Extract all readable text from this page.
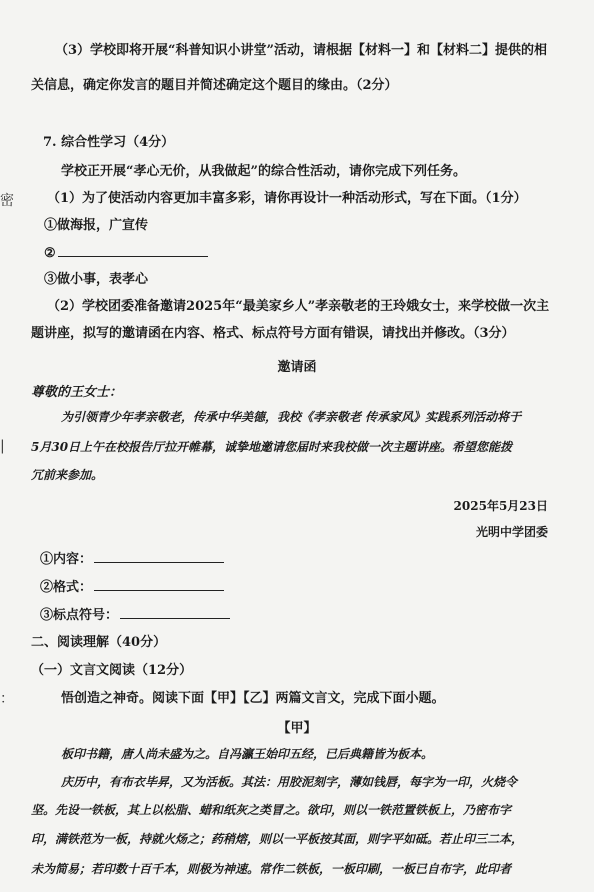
密
|
：
（3）学校即将开展“科普知识小讲堂”活动，请根据【材料一】和【材料二】提供的相
关信息，确定你发言的题目并简述确定这个题目的缘由。（2分）
7. 综合性学习（4分）
学校正开展“孝心无价，从我做起”的综合性活动，请你完成下列任务。
（1）为了使活动内容更加丰富多彩，请你再设计一种活动形式，写在下面。（1分）
①做海报，广宣传
②
③做小事，表孝心
（2）学校团委准备邀请2025年“最美家乡人”孝亲敬老的王玲娥女士，来学校做一次主
题讲座，拟写的邀请函在内容、格式、标点符号方面有错误，请找出并修改。（3分）
邀请函
尊敬的王女士：
为引领青少年孝亲敬老，传承中华美德，我校《孝亲敬老 传承家风》实践系列活动将于
5月30日上午在校报告厅拉开帷幕，诚挚地邀请您届时来我校做一次主题讲座。希望您能拨
冗前来参加。
2025年5月23日
光明中学团委
①内容：
②格式：
③标点符号：
二、阅读理解（40分）
（一）文言文阅读（12分）
悟创造之神奇。阅读下面【甲】【乙】两篇文言文，完成下面小题。
【甲】
板印书籍，唐人尚未盛为之。自冯瀛王始印五经，已后典籍皆为板本。
庆历中，有布衣毕昇，又为活板。其法：用胶泥刻字，薄如钱唇，每字为一印，火烧令
坚。先设一铁板，其上以松脂、蜡和纸灰之类冒之。欲印，则以一铁范置铁板上，乃密布字
印，满铁范为一板，持就火炀之；药稍熔，则以一平板按其面，则字平如砥。若止印三二本，
未为简易；若印数十百千本，则极为神速。常作二铁板，一板印刷，一板已自布字，此印者
